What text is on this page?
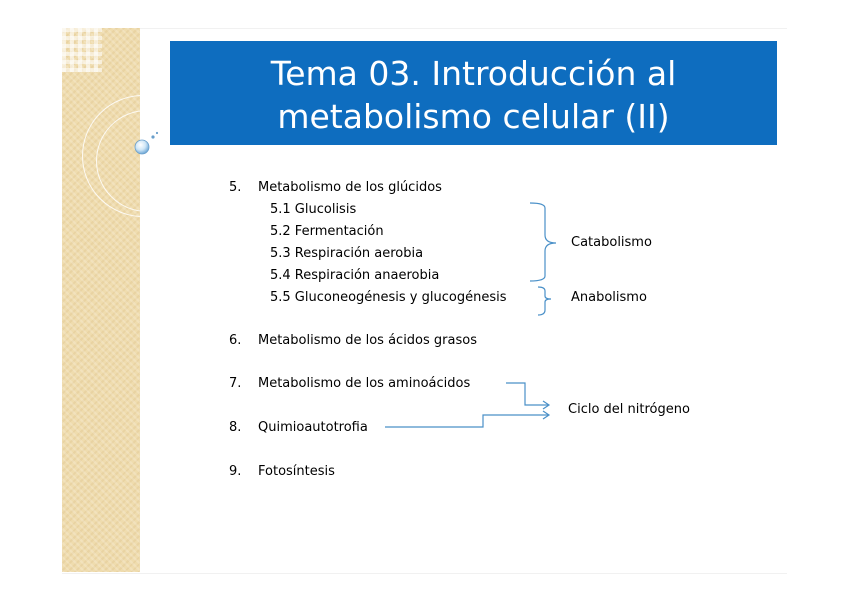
Tema 03. Introducción al
metabolismo celular (II)
5. Metabolismo de los glúcidos
5.1 Glucolisis
5.2 Fermentación
5.3 Respiración aerobia
5.4 Respiración anaerobia
5.5 Gluconeogénesis y glucogénesis
Catabolismo
Anabolismo
6. Metabolismo de los ácidos grasos
7. Metabolismo de los aminoácidos
Ciclo del nitrógeno
8. Quimioautotrofia
9. Fotosíntesis
